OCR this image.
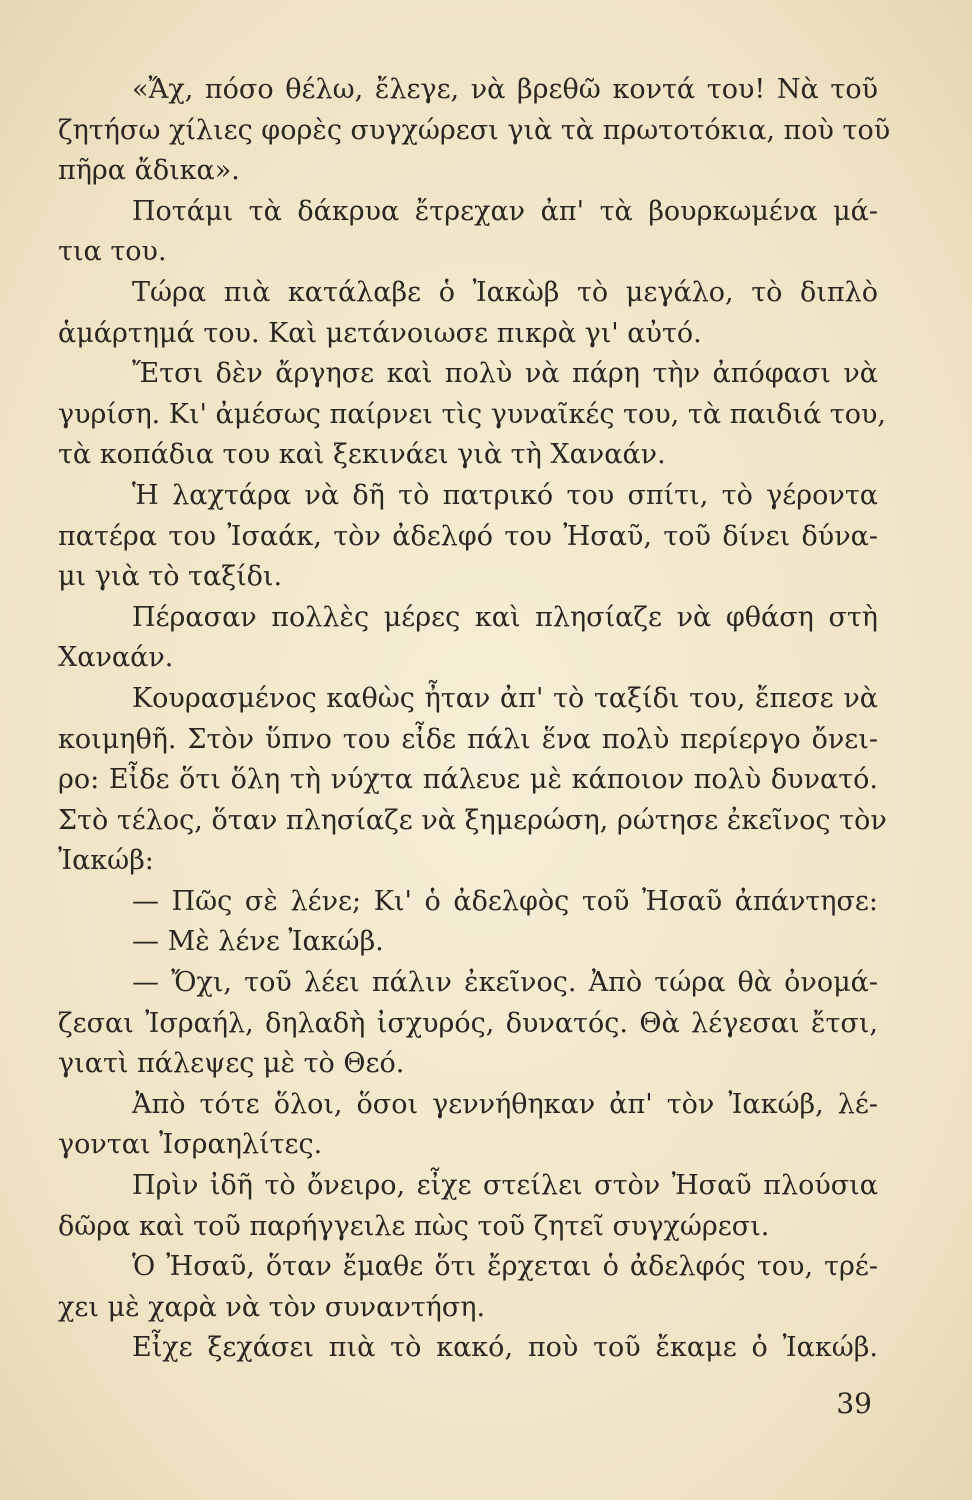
«Ἄχ, πόσο θέλω, ἔλεγε, νὰ βρεθῶ κοντά του! Νὰ τοῦ
ζητήσω χίλιες φορὲς συγχώρεσι γιὰ τὰ πρωτοτόκια, ποὺ τοῦ
πῆρα ἄδικα».
Ποτάμι τὰ δάκρυα ἔτρεχαν ἀπ' τὰ βουρκωμένα μά-
τια του.
Τώρα πιὰ κατάλαβε ὁ Ἰακὼβ τὸ μεγάλο, τὸ διπλὸ
ἁμάρτημά του. Καὶ μετάνοιωσε πικρὰ γι' αὐτό.
Ἔτσι δὲν ἄργησε καὶ πολὺ νὰ πάρη τὴν ἀπόφασι νὰ
γυρίση. Κι' ἀμέσως παίρνει τὶς γυναῖκές του, τὰ παιδιά του,
τὰ κοπάδια του καὶ ξεκινάει γιὰ τὴ Χαναάν.
Ἡ λαχτάρα νὰ δῆ τὸ πατρικό του σπίτι, τὸ γέροντα
πατέρα του Ἰσαάκ, τὸν ἀδελφό του Ἠσαῦ, τοῦ δίνει δύνα-
μι γιὰ τὸ ταξίδι.
Πέρασαν πολλὲς μέρες καὶ πλησίαζε νὰ φθάση στὴ
Χαναάν.
Κουρασμένος καθὼς ἦταν ἀπ' τὸ ταξίδι του, ἔπεσε νὰ
κοιμηθῆ. Στὸν ὕπνο του εἶδε πάλι ἕνα πολὺ περίεργο ὄνει-
ρο: Εἶδε ὅτι ὅλη τὴ νύχτα πάλευε μὲ κάποιον πολὺ δυνατό.
Στὸ τέλος, ὅταν πλησίαζε νὰ ξημερώση, ρώτησε ἐκεῖνος τὸν
Ἰακώβ:
— Πῶς σὲ λένε; Κι' ὁ ἀδελφὸς τοῦ Ἠσαῦ ἀπάντησε:
— Μὲ λένε Ἰακώβ.
— Ὄχι, τοῦ λέει πάλιν ἐκεῖνος. Ἀπὸ τώρα θὰ ὀνομά-
ζεσαι Ἰσραήλ, δηλαδὴ ἰσχυρός, δυνατός. Θὰ λέγεσαι ἔτσι,
γιατὶ πάλεψες μὲ τὸ Θεό.
Ἀπὸ τότε ὅλοι, ὅσοι γεννήθηκαν ἀπ' τὸν Ἰακώβ, λέ-
γονται Ἰσραηλίτες.
Πρὶν ἰδῆ τὸ ὄνειρο, εἶχε στείλει στὸν Ἠσαῦ πλούσια
δῶρα καὶ τοῦ παρήγγειλε πὼς τοῦ ζητεῖ συγχώρεσι.
Ὁ Ἠσαῦ, ὅταν ἔμαθε ὅτι ἔρχεται ὁ ἀδελφός του, τρέ-
χει μὲ χαρὰ νὰ τὸν συναντήση.
Εἶχε ξεχάσει πιὰ τὸ κακό, ποὺ τοῦ ἔκαμε ὁ Ἰακώβ.
39
